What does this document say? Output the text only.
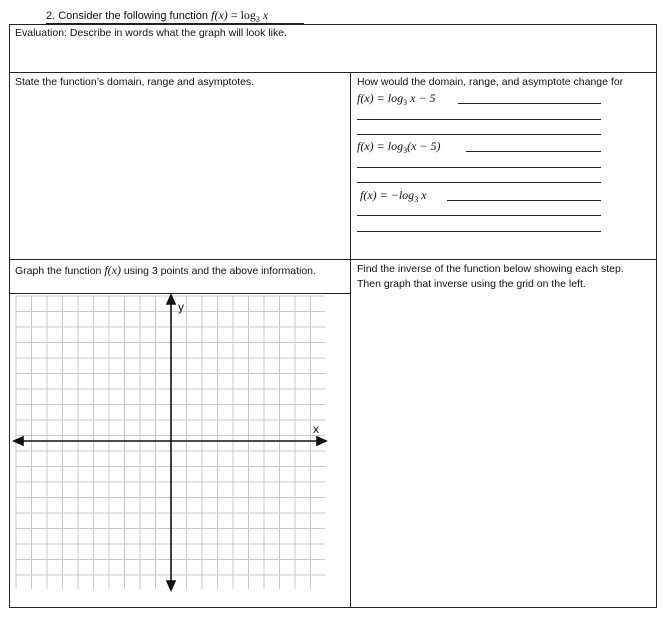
2. Consider the following function $f(x) = \log_3 x$
Evaluation: Describe in words what the graph will look like.
State the function’s domain, range and asymptotes.	How would the domain, range, and asymptote change for
$f(x) = \log_3 x - 5$
$f(x) = \log_3(x - 5)$
$f(x) = -\log_3$ x
Graph the function f(x) using 3 points and the above information.	Find the inverse of the function below showing each step.
Then graph that inverse using the grid on the left.
x
y
